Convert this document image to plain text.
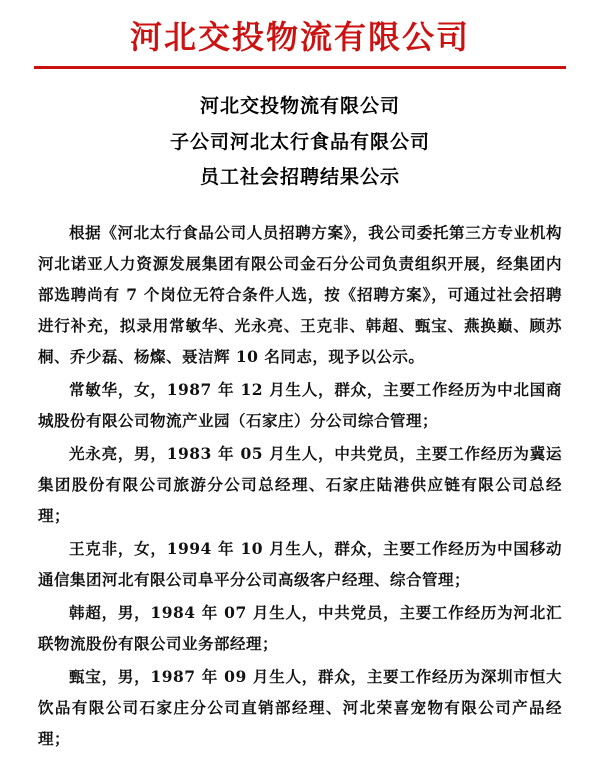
河北交投物流有限公司
河北交投物流有限公司
子公司河北太行食品有限公司
员工社会招聘结果公示

根据《河北太行食品公司人员招聘方案》，我公司委托第三方专业机构河北诺亚人力资源发展集团有限公司金石分公司负责组织开展，经集团内部选聘尚有 7 个岗位无符合条件人选，按《招聘方案》，可通过社会招聘进行补充，拟录用常敏华、光永亮、王克非、韩超、甄宝、燕换巅、顾苏桐、乔少磊、杨燦、聂洁辉 10 名同志，现予以公示。

常敏华，女，1987 年 12 月生人，群众，主要工作经历为中北国商城股份有限公司物流产业园（石家庄）分公司综合管理；

光永亮，男，1983 年 05 月生人，中共党员，主要工作经历为冀运集团股份有限公司旅游分公司总经理、石家庄陆港供应链有限公司总经理；

王克非，女，1994 年 10 月生人，群众，主要工作经历为中国移动通信集团河北有限公司阜平分公司高级客户经理、综合管理；

韩超，男，1984 年 07 月生人，中共党员，主要工作经历为河北汇联物流股份有限公司业务部经理；

甄宝，男，1987 年 09 月生人，群众，主要工作经历为深圳市恒大饮品有限公司石家庄分公司直销部经理、河北荣喜宠物有限公司产品经理；
